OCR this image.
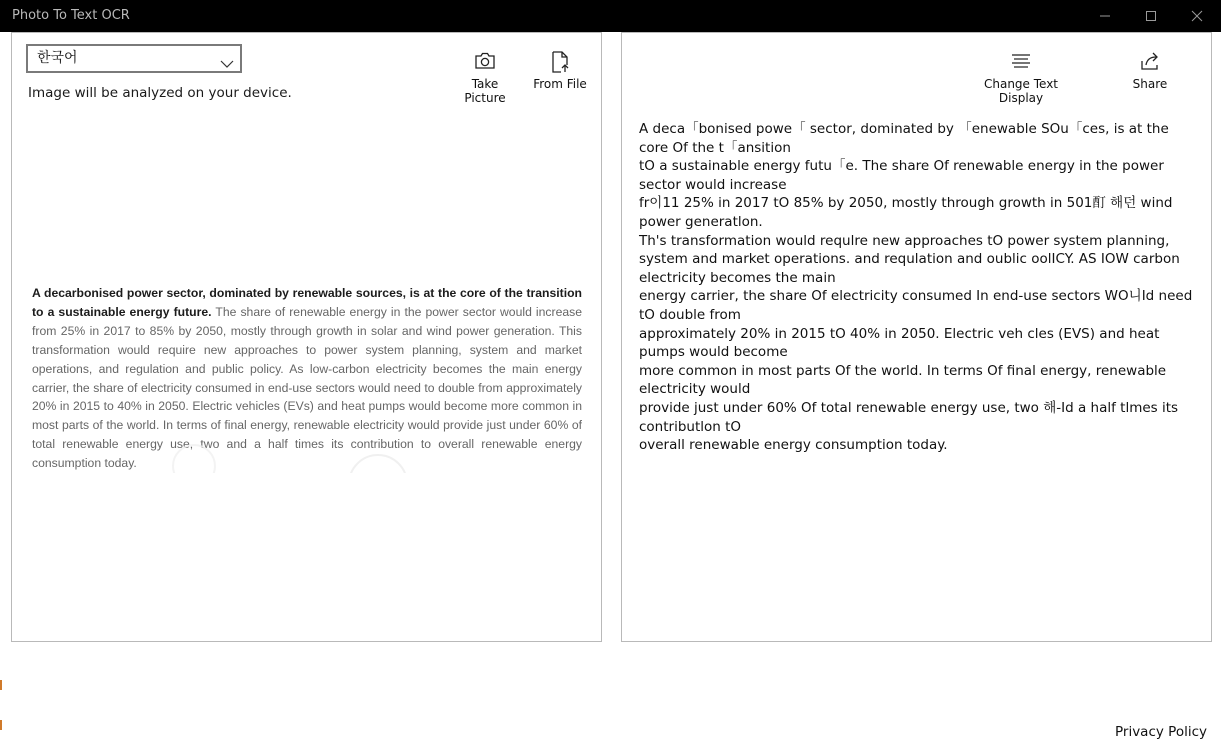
Photo To Text OCR
한국어
Image will be analyzed on your device.
Take Picture
From File

A decarbonised power sector, dominated by renewable sources, is at the core of the transition to a sustainable energy future. The share of renewable energy in the power sector would increase from 25% in 2017 to 85% by 2050, mostly through growth in solar and wind power generation. This transformation would require new approaches to power system planning, system and market operations, and regulation and public policy. As low-carbon electricity becomes the main energy carrier, the share of electricity consumed in end-use sectors would need to double from approximately 20% in 2015 to 40% in 2050. Electric vehicles (EVs) and heat pumps would become more common in most parts of the world. In terms of final energy, renewable electricity would provide just under 60% of total renewable energy use, two and a half times its contribution to overall renewable energy consumption today.

Change Text Display
Share
A deca「bonised powe「 sector, dominated by 「enewable SOu「ces, is at the core Of the t「ansition
tO a sustainable energy futu「e. The share Of renewable energy in the power sector would increase
fr이11 25% in 2017 tO 85% by 2050, mostly through growth in 501酊 해던 wind power generatlon.
Th's transformation would requlre new approaches tO power system planning, system and market operations. and requlation and oublic oolICY. AS IOW carbon electricity becomes the main
energy carrier, the share Of electricity consumed In end-use sectors WO니Id need tO double from
approximately 20% in 2015 tO 40% in 2050. Electric veh cles (EVS) and heat pumps would become
more common in most parts Of the world. In terms Of final energy, renewable electricity would
provide just under 60% Of total renewable energy use, two 해-Id a half tlmes its contributlon tO
overall renewable energy consumption today.
Privacy Policy
